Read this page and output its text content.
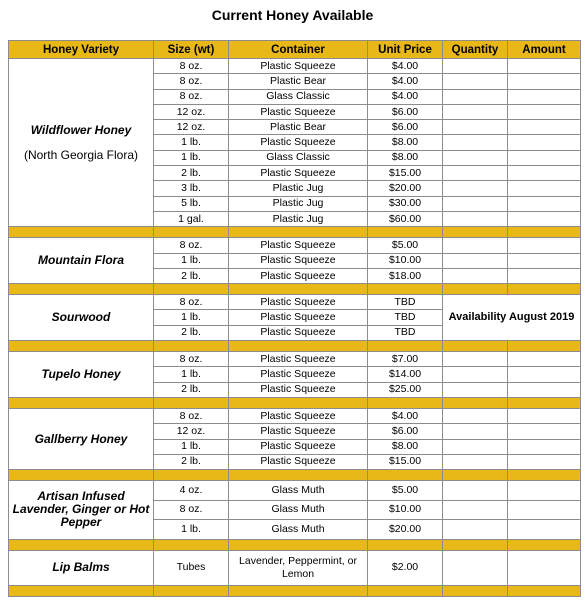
Current Honey Available
Honey Variety	Size (wt)	Container	Unit Price	Quantity	Amount
Wildflower Honey
(North Georgia Flora)	8 oz.	Plastic Squeeze	$4.00		
	8 oz.	Plastic Bear	$4.00		
	8 oz.	Glass Classic	$4.00		
	12 oz.	Plastic Squeeze	$6.00		
	12 oz.	Plastic Bear	$6.00		
	1 lb.	Plastic Squeeze	$8.00		
	1 lb.	Glass Classic	$8.00		
	2 lb.	Plastic Squeeze	$15.00		
	3 lb.	Plastic Jug	$20.00		
	5 lb.	Plastic Jug	$30.00		
	1 gal.	Plastic Jug	$60.00		

Mountain Flora	8 oz.	Plastic Squeeze	$5.00		
	1 lb.	Plastic Squeeze	$10.00		
	2 lb.	Plastic Squeeze	$18.00		

Sourwood	8 oz.	Plastic Squeeze	TBD	Availability August 2019	
	1 lb.	Plastic Squeeze	TBD		
	2 lb.	Plastic Squeeze	TBD		

Tupelo Honey	8 oz.	Plastic Squeeze	$7.00		
	1 lb.	Plastic Squeeze	$14.00		
	2 lb.	Plastic Squeeze	$25.00		

Gallberry Honey	8 oz.	Plastic Squeeze	$4.00		
	12 oz.	Plastic Squeeze	$6.00		
	1 lb.	Plastic Squeeze	$8.00		
	2 lb.	Plastic Squeeze	$15.00		

Artisan Infused Lavender, Ginger or Hot Pepper	4 oz.	Glass Muth	$5.00		
	8 oz.	Glass Muth	$10.00		
	1 lb.	Glass Muth	$20.00		

Lip Balms	Tubes	Lavender, Peppermint, or Lemon	$2.00		
